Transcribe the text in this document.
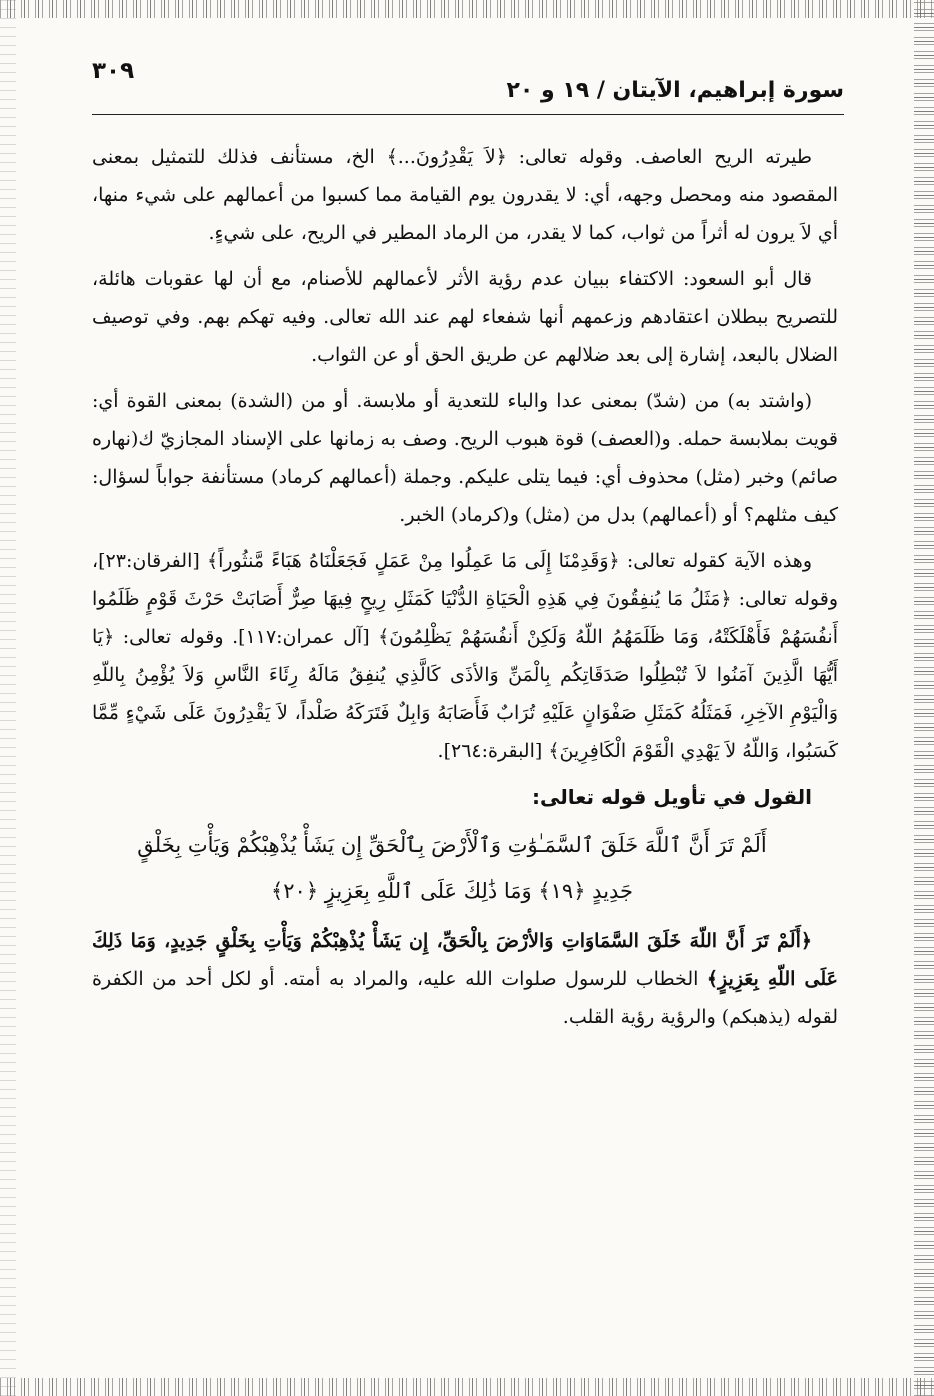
٣٠٩
سورة إبراهيم، الآيتان / ١٩ و ٢٠

طيرته الريح العاصف. وقوله تعالى: ﴿لاَ يَقْدِرُونَ...﴾ الخ، مستأنف فذلك للتمثيل بمعنى المقصود منه ومحصل وجهه، أي: لا يقدرون يوم القيامة مما كسبوا من أعمالهم على شيء منها، أي لاَ يرون له أثراً من ثواب، كما لا يقدر، من الرماد المطير في الريح، على شيءٍ.

قال أبو السعود: الاكتفاء ببيان عدم رؤية الأثر لأعمالهم للأصنام، مع أن لها عقوبات هائلة، للتصريح ببطلان اعتقادهم وزعمهم أنها شفعاء لهم عند الله تعالى. وفيه تهكم بهم. وفي توصيف الضلال بالبعد، إشارة إلى بعد ضلالهم عن طريق الحق أو عن الثواب.

(واشتد به) من (شدّ) بمعنى عدا والباء للتعدية أو ملابسة. أو من (الشدة) بمعنى القوة أي: قويت بملابسة حمله. و(العصف) قوة هبوب الريح. وصف به زمانها على الإسناد المجازيّ ك(نهاره صائم) وخبر (مثل) محذوف أي: فيما يتلى عليكم. وجملة (أعمالهم كرماد) مستأنفة جواباً لسؤال: كيف مثلهم؟ أو (أعمالهم) بدل من (مثل) و(كرماد) الخبر.

وهذه الآية كقوله تعالى: ﴿وَقَدِمْنَا إِلَى مَا عَمِلُوا مِنْ عَمَلٍ فَجَعَلْنَاهُ هَبَاءً مَّنثُوراً﴾ [الفرقان:٢٣]، وقوله تعالى: ﴿مَثَلُ مَا يُنفِقُونَ فِي هَذِهِ الْحَيَاةِ الدُّنْيَا كَمَثَلِ رِيحٍ فِيهَا صِرٌّ أَصَابَتْ حَرْثَ قَوْمٍ ظَلَمُوا أَنفُسَهُمْ فَأَهْلَكَتْهُ، وَمَا ظَلَمَهُمُ اللّهُ وَلَكِنْ أَنفُسَهُمْ يَظْلِمُونَ﴾ [آل عمران:١١٧]. وقوله تعالى: ﴿يَا أَيُّهَا الَّذِينَ آمَنُوا لاَ تُبْطِلُوا صَدَقَاتِكُم بِالْمَنِّ وَالأذَى كَالَّذِي يُنفِقُ مَالَهُ رِئَاءَ النَّاسِ وَلاَ يُؤْمِنُ بِاللّهِ وَالْيَوْمِ الآخِرِ، فَمَثَلُهُ كَمَثَلِ صَفْوَانٍ عَلَيْهِ تُرَابٌ فَأَصَابَهُ وَابِلٌ فَتَرَكَهُ صَلْداً، لاَ يَقْدِرُونَ عَلَى شَيْءٍ مِّمَّا كَسَبُوا، وَاللّهُ لاَ يَهْدِي الْقَوْمَ الْكَافِرِينَ﴾ [البقرة:٢٦٤].

القول في تأويل قوله تعالى:

أَلَمْ تَرَ أَنَّ ٱللَّهَ خَلَقَ ٱلسَّمَـٰوَٰتِ وَٱلْأَرْضَ بِٱلْحَقِّ إِن يَشَأْ يُذْهِبْكُمْ وَيَأْتِ بِخَلْقٍ

جَدِيدٍ ﴿١٩﴾ وَمَا ذَٰلِكَ عَلَى ٱللَّهِ بِعَزِيزٍ ﴿٢٠﴾

﴿أَلَمْ تَرَ أَنَّ اللّهَ خَلَقَ السَّمَاوَاتِ وَالأرْضَ بِالْحَقِّ، إِن يَشَأْ يُذْهِبْكُمْ وَيَأْتِ بِخَلْقٍ جَدِيدٍ، وَمَا ذَلِكَ عَلَى اللّهِ بِعَزِيزٍ﴾ الخطاب للرسول صلوات الله عليه، والمراد به أمته. أو لكل أحد من الكفرة لقوله (يذهبكم) والرؤية رؤية القلب.
